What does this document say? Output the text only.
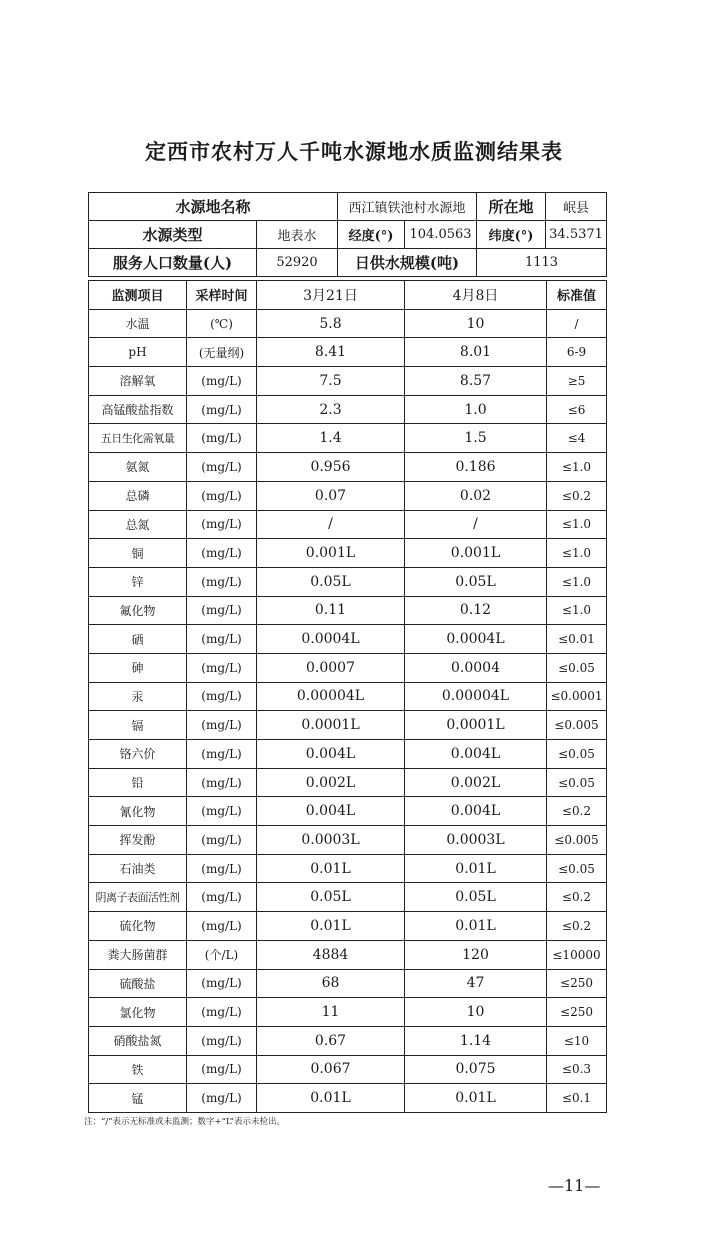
定西市农村万人千吨水源地水质监测结果表
水源地名称		西江镇铁池村水源地		所在地	岷县
水源类型	地表水	经度(°)	104.0563	纬度(°)	34.5371
服务人口数量(人)	52920	日供水规模(吨)		1113	
监测项目	采样时间	3月21日	4月8日	标准值
水温	(℃)	5.8	10	/
pH	(无量纲)	8.41	8.01	6-9
溶解氧	(mg/L)	7.5	8.57	≥5
高锰酸盐指数	(mg/L)	2.3	1.0	≤6
五日生化需氧量	(mg/L)	1.4	1.5	≤4
氨氮	(mg/L)	0.956	0.186	≤1.0
总磷	(mg/L)	0.07	0.02	≤0.2
总氮	(mg/L)	/	/	≤1.0
铜	(mg/L)	0.001L	0.001L	≤1.0
锌	(mg/L)	0.05L	0.05L	≤1.0
氟化物	(mg/L)	0.11	0.12	≤1.0
硒	(mg/L)	0.0004L	0.0004L	≤0.01
砷	(mg/L)	0.0007	0.0004	≤0.05
汞	(mg/L)	0.00004L	0.00004L	≤0.0001
镉	(mg/L)	0.0001L	0.0001L	≤0.005
铬六价	(mg/L)	0.004L	0.004L	≤0.05
铅	(mg/L)	0.002L	0.002L	≤0.05
氰化物	(mg/L)	0.004L	0.004L	≤0.2
挥发酚	(mg/L)	0.0003L	0.0003L	≤0.005
石油类	(mg/L)	0.01L	0.01L	≤0.05
阴离子表面活性剂	(mg/L)	0.05L	0.05L	≤0.2
硫化物	(mg/L)	0.01L	0.01L	≤0.2
粪大肠菌群	(个/L)	4884	120	≤10000
硫酸盐	(mg/L)	68	47	≤250
氯化物	(mg/L)	11	10	≤250
硝酸盐氮	(mg/L)	0.67	1.14	≤10
铁	(mg/L)	0.067	0.075	≤0.3
锰	(mg/L)	0.01L	0.01L	≤0.1
注：“/”表示无标准或未监测；数字+“L”表示未检出。
—11—
